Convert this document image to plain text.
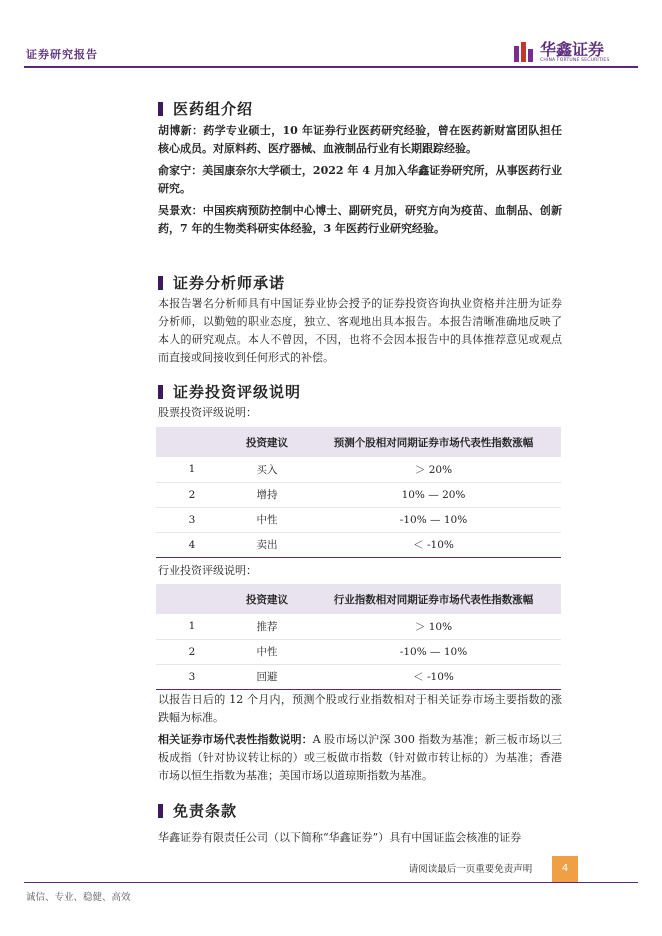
证券研究报告	华鑫证券
CHINA FORTUNE SECURITIES
医药组介绍
胡博新：药学专业硕士，10 年证券行业医药研究经验，曾在医药新财富团队担任核心成员。对原料药、医疗器械、血液制品行业有长期跟踪经验。
俞家宁：美国康奈尔大学硕士，2022 年 4 月加入华鑫证券研究所，从事医药行业研究。
吴景欢：中国疾病预防控制中心博士、副研究员，研究方向为疫苗、血制品、创新药，7 年的生物类科研实体经验，3 年医药行业研究经验。
证券分析师承诺
本报告署名分析师具有中国证券业协会授予的证券投资咨询执业资格并注册为证券分析师，以勤勉的职业态度，独立、客观地出具本报告。本报告清晰准确地反映了本人的研究观点。本人不曾因，不因，也将不会因本报告中的具体推荐意见或观点而直接或间接收到任何形式的补偿。
证券投资评级说明
股票投资评级说明：
	投资建议	预测个股相对同期证券市场代表性指数涨幅
1	买入	＞ 20%
2	增持	10% — 20%
3	中性	-10% — 10%
4	卖出	＜ -10%
行业投资评级说明：
	投资建议	行业指数相对同期证券市场代表性指数涨幅
1	推荐	＞ 10%
2	中性	-10% — 10%
3	回避	＜ -10%
以报告日后的 12 个月内，预测个股或行业指数相对于相关证券市场主要指数的涨跌幅为标准。
相关证券市场代表性指数说明：A 股市场以沪深 300 指数为基准；新三板市场以三板成指（针对协议转让标的）或三板做市指数（针对做市转让标的）为基准；香港市场以恒生指数为基准；美国市场以道琼斯指数为基准。
免责条款
华鑫证券有限责任公司（以下简称“华鑫证券”）具有中国证监会核准的证券
请阅读最后一页重要免责声明	4
诚信、专业、稳健、高效
